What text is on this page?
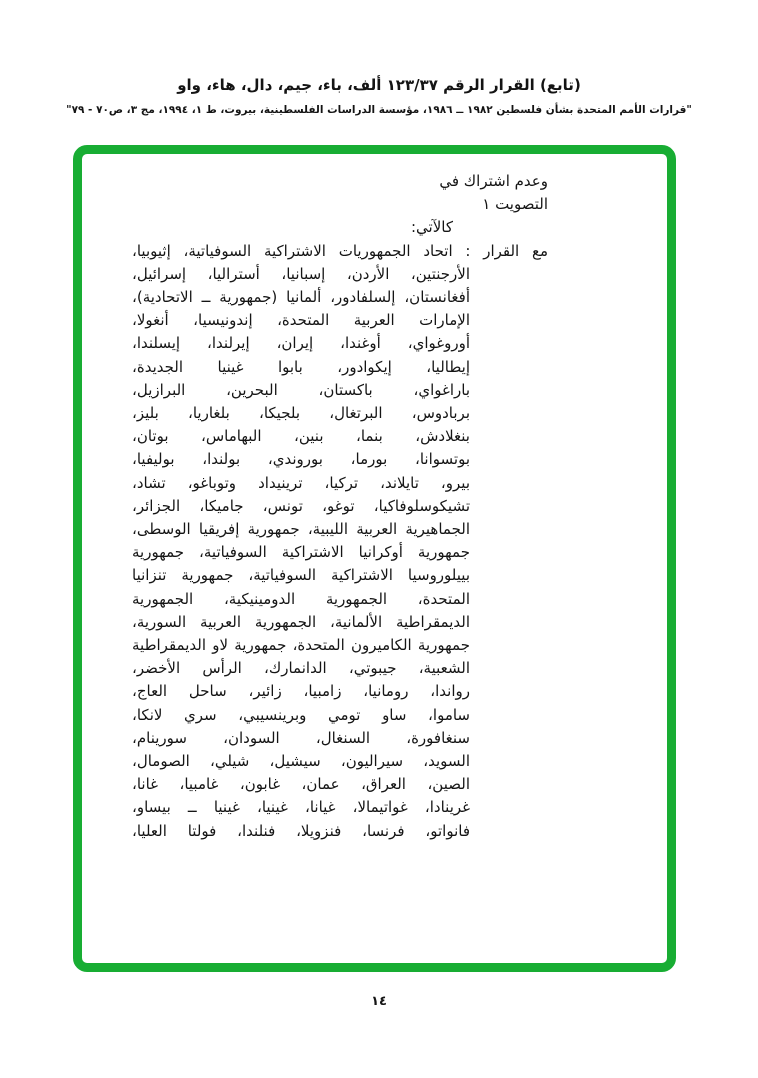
(تابع) القرار الرقم ١٢٣/٣٧ ألف، باء، جيم، دال، هاء، واو
"قرارات الأمم المتحدة بشأن فلسطين ١٩٨٢ ــ ١٩٨٦، مؤسسة الدراسات الفلسطينية، بيروت، ط ١، ١٩٩٤، مج ٣، ص٧٠ - ٧٩"
وعدم اشتراك في التصويت ١
كالآتي:
مع القرار : اتحاد الجمهوريات الاشتراكية السوفياتية، إثيوبيا،
الأرجنتين، الأردن، إسبانيا، أستراليا، إسرائيل،
أفغانستان، إلسلفادور، ألمانيا (جمهورية ــ الاتحادية)،
الإمارات العربية المتحدة، إندونيسيا، أنغولا،
أوروغواي، أوغندا، إيران، إيرلندا، إيسلندا،
إيطاليا، إيكوادور، بابوا غينيا الجديدة،
باراغواي، باكستان، البحرين، البرازيل،
بربادوس، البرتغال، بلجيكا، بلغاريا، بليز،
بنغلادش، بنما، بنين، البهاماس، بوتان،
بوتسوانا، بورما، بوروندي، بولندا، بوليفيا،
بيرو، تايلاند، تركيا، ترينيداد وتوباغو، تشاد،
تشيكوسلوفاكيا، توغو، تونس، جاميكا، الجزائر،
الجماهيرية العربية الليبية، جمهورية إفريقيا الوسطى،
جمهورية أوكرانيا الاشتراكية السوفياتية، جمهورية
بييلوروسيا الاشتراكية السوفياتية، جمهورية تنزانيا
المتحدة، الجمهورية الدومينيكية، الجمهورية
الديمقراطية الألمانية، الجمهورية العربية السورية،
جمهورية الكاميرون المتحدة، جمهورية لاو الديمقراطية
الشعبية، جيبوتي، الدانمارك، الرأس الأخضر،
رواندا، رومانيا، زامبيا، زائير، ساحل العاج،
ساموا، ساو تومي وبرينسيبي، سري لانكا،
سنغافورة، السنغال، السودان، سورينام،
السويد، سيراليون، سيشيل، شيلي، الصومال،
الصين، العراق، عمان، غابون، غامبيا، غانا،
غرينادا، غواتيمالا، غيانا، غينيا، غينيا ــ بيساو،
فانواتو، فرنسا، فنزويلا، فنلندا، فولتا العليا،
١٤
